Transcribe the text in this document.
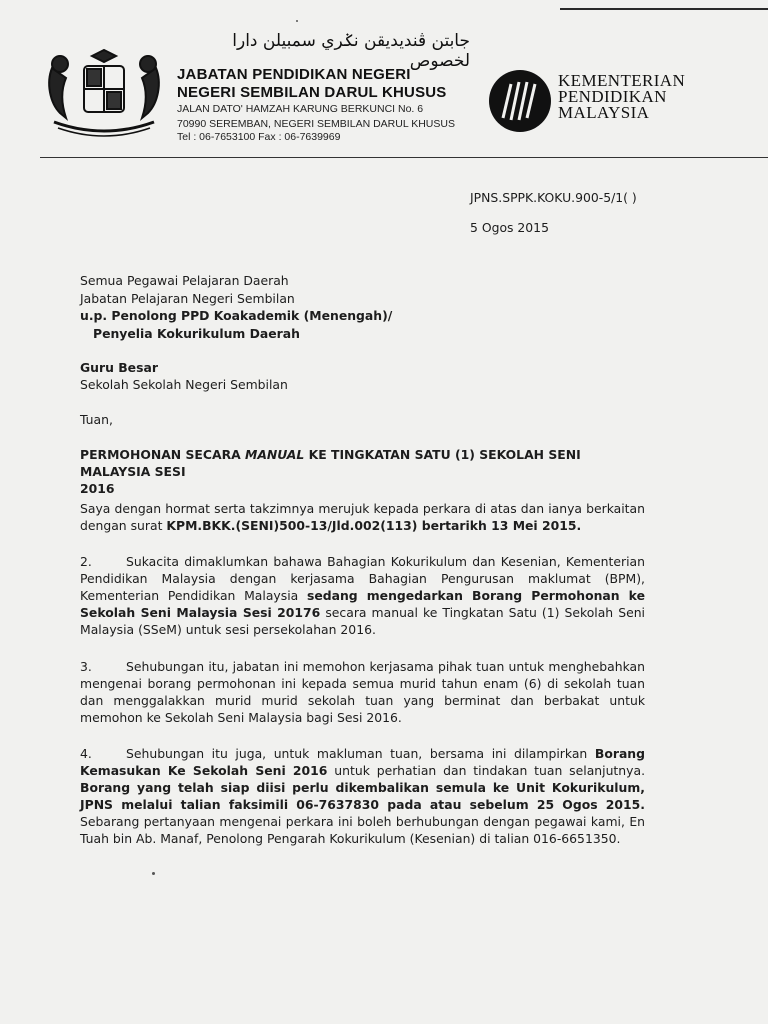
جابتن ڤنديديقن نݢري سمبيلن دارا لخصوص
JABATAN PENDIDIKAN NEGERI
NEGERI SEMBILAN DARUL KHUSUS
JALAN DATO' HAMZAH KARUNG BERKUNCI No. 6
70990 SEREMBAN, NEGERI SEMBILAN DARUL KHUSUS
Tel : 06-7653100 Fax : 06-7639969
KEMENTERIAN
PENDIDIKAN
MALAYSIA
JPNS.SPPK.KOKU.900-5/1( )
5 Ogos 2015
Semua Pegawai Pelajaran Daerah
Jabatan Pelajaran Negeri Sembilan
u.p. Penolong PPD Koakademik (Menengah)/
Penyelia Kokurikulum Daerah
Guru Besar
Sekolah Sekolah Negeri Sembilan
Tuan,
PERMOHONAN SECARA MANUAL KE TINGKATAN SATU (1) SEKOLAH SENI MALAYSIA SESI
2016
Saya dengan hormat serta takzimnya merujuk kepada perkara di atas dan ianya berkaitan dengan surat KPM.BKK.(SENI)500-13/Jld.002(113) bertarikh 13 Mei 2015.
2.	Sukacita dimaklumkan bahawa Bahagian Kokurikulum dan Kesenian, Kementerian Pendidikan Malaysia dengan kerjasama Bahagian Pengurusan maklumat (BPM), Kementerian Pendidikan Malaysia sedang mengedarkan Borang Permohonan ke Sekolah Seni Malaysia Sesi 20176 secara manual ke Tingkatan Satu (1) Sekolah Seni Malaysia (SSeM) untuk sesi persekolahan 2016.
3.	Sehubungan itu, jabatan ini memohon kerjasama pihak tuan untuk menghebahkan mengenai borang permohonan ini kepada semua murid tahun enam (6) di sekolah tuan dan menggalakkan murid murid sekolah tuan yang berminat dan berbakat untuk memohon ke Sekolah Seni Malaysia bagi Sesi 2016.
4.	Sehubungan itu juga, untuk makluman tuan, bersama ini dilampirkan Borang Kemasukan Ke Sekolah Seni 2016 untuk perhatian dan tindakan tuan selanjutnya. Borang yang telah siap diisi perlu dikembalikan semula ke Unit Kokurikulum, JPNS melalui talian faksimili 06-7637830 pada atau sebelum 25 Ogos 2015. Sebarang pertanyaan mengenai perkara ini boleh berhubungan dengan pegawai kami, En Tuah bin Ab. Manaf, Penolong Pengarah Kokurikulum (Kesenian) di talian 016-6651350.
